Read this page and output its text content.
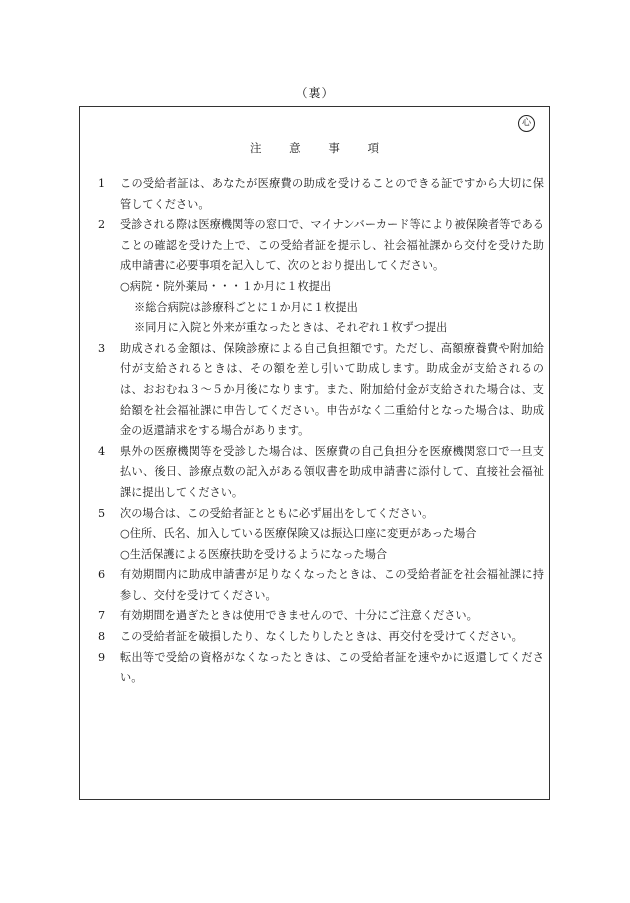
（裏）
心
注 意 事 項
1	この受給者証は、あなたが医療費の助成を受けることのできる証ですから大切に保管してください。
2	受診される際は医療機関等の窓口で、マイナンバーカード等により被保険者等であることの確認を受けた上で、この受給者証を提示し、社会福祉課から交付を受けた助成申請書に必要事項を記入して、次のとおり提出してください。
○病院・院外薬局・・・１か月に１枚提出
※総合病院は診療科ごとに１か月に１枚提出
※同月に入院と外来が重なったときは、それぞれ１枚ずつ提出
3	助成される金額は、保険診療による自己負担額です。ただし、高額療養費や附加給付が支給されるときは、その額を差し引いて助成します。助成金が支給されるのは、おおむね３～５か月後になります。また、附加給付金が支給された場合は、支給額を社会福祉課に申告してください。申告がなく二重給付となった場合は、助成金の返還請求をする場合があります。
4	県外の医療機関等を受診した場合は、医療費の自己負担分を医療機関窓口で一旦支払い、後日、診療点数の記入がある領収書を助成申請書に添付して、直接社会福祉課に提出してください。
5	次の場合は、この受給者証とともに必ず届出をしてください。
○住所、氏名、加入している医療保険又は振込口座に変更があった場合
○生活保護による医療扶助を受けるようになった場合
6	有効期間内に助成申請書が足りなくなったときは、この受給者証を社会福祉課に持参し、交付を受けてください。
7	有効期間を過ぎたときは使用できませんので、十分にご注意ください。
8	この受給者証を破損したり、なくしたりしたときは、再交付を受けてください。
9	転出等で受給の資格がなくなったときは、この受給者証を速やかに返還してください。
